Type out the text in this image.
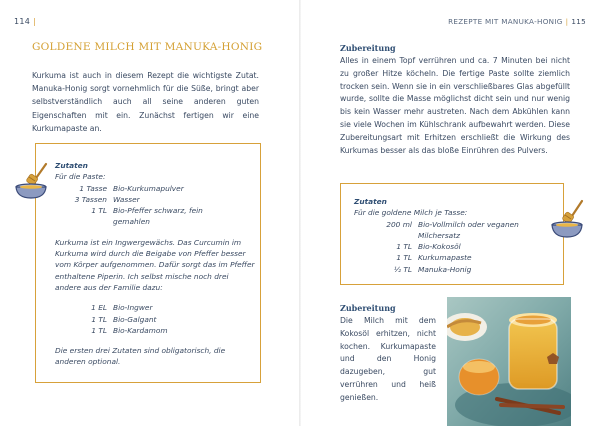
114 |
GOLDENE MILCH MIT MANUKA-HONIG
Kurkuma ist auch in diesem Rezept die wichtigste Zutat. Manuka-Honig sorgt vornehmlich für die Süße, bringt aber selbstverständlich auch all seine anderen guten Eigenschaften mit ein. Zunächst fertigen wir eine Kurkumapaste an.
Zutaten
Für die Paste:
1 Tasse Bio-Kurkumapulver
3 Tassen Wasser
1 TL Bio-Pfeffer schwarz, fein gemahlen
Kurkuma ist ein Ingwergewächs. Das Curcumin im Kurkuma wird durch die Beigabe von Pfeffer besser vom Körper aufgenommen. Dafür sorgt das im Pfeffer enthaltene Piperin. Ich selbst mische noch drei andere aus der Familie dazu:
1 EL Bio-Ingwer
1 TL Bio-Galgant
1 TL Bio-Kardamom
Die ersten drei Zutaten sind obligatorisch, die anderen optional.
REZEPTE MIT MANUKA-HONIG | 115
Zubereitung
Alles in einem Topf verrühren und ca. 7 Minuten bei nicht zu großer Hitze köcheln. Die fertige Paste sollte ziemlich trocken sein. Wenn sie in ein verschließbares Glas abgefüllt wurde, sollte die Masse möglichst dicht sein und nur wenig bis kein Wasser mehr austreten. Nach dem Abkühlen kann sie viele Wochen im Kühlschrank aufbewahrt werden. Diese Zubereitungsart mit Erhitzen erschließt die Wirkung des Kurkumas besser als das bloße Einrühren des Pulvers.
Zutaten
Für die goldene Milch je Tasse:
200 ml Bio-Vollmilch oder veganen Milchersatz
1 TL Bio-Kokosöl
1 TL Kurkumapaste
½ TL Manuka-Honig
Zubereitung
Die Milch mit dem Kokosöl erhitzen, nicht kochen. Kurkumapaste und den Honig dazugeben, gut verrühren und heiß genießen.
